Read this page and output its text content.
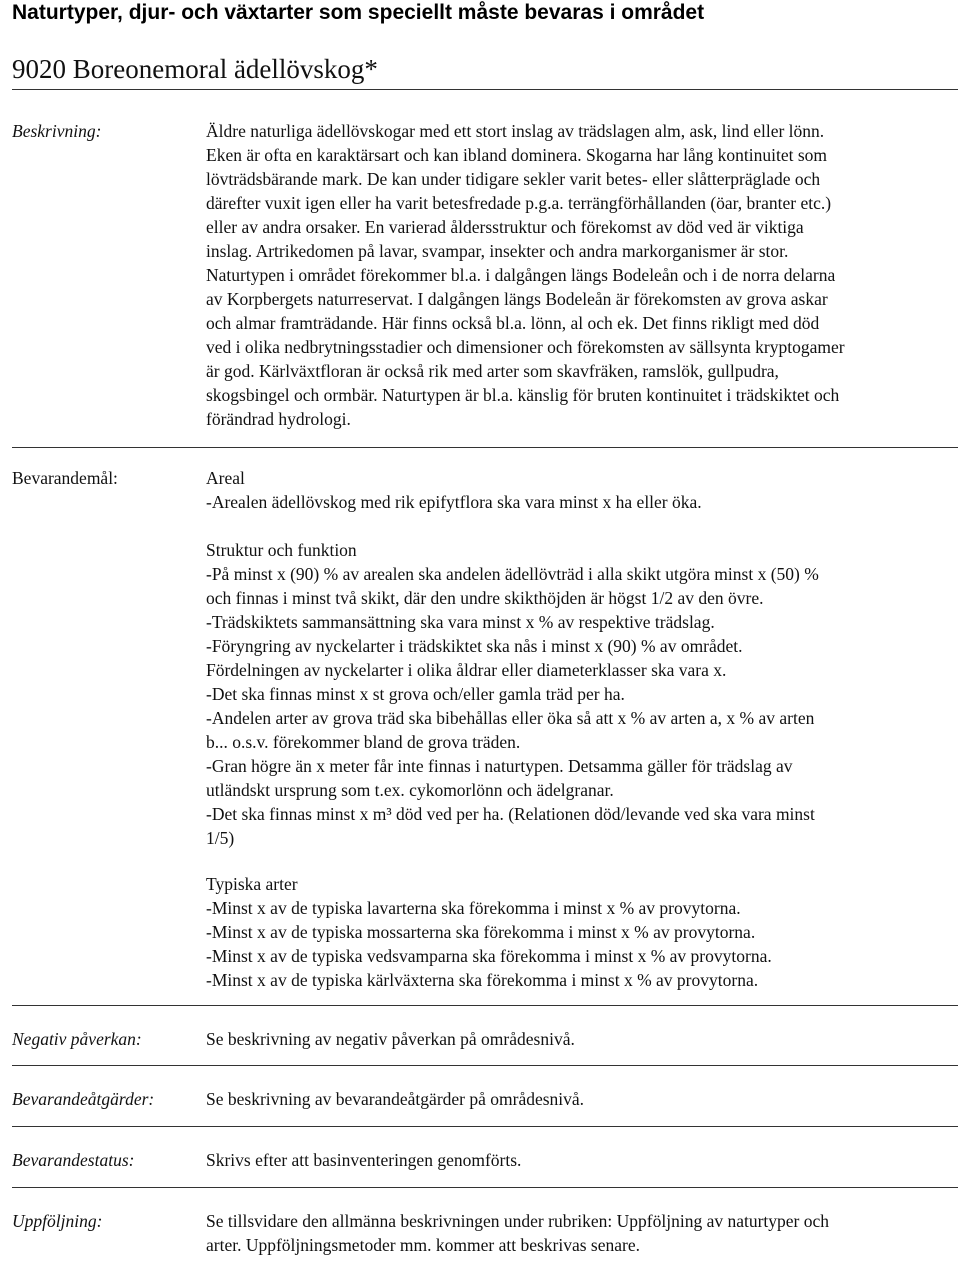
Naturtyper, djur- och växtarter som speciellt måste bevaras i området
9020 Boreonemoral ädellövskog*
Beskrivning:	Äldre naturliga ädellövskogar med ett stort inslag av trädslagen alm, ask, lind eller lönn.
Eken är ofta en karaktärsart och kan ibland dominera. Skogarna har lång kontinuitet som
lövträdsbärande mark. De kan under tidigare sekler varit betes- eller slåtterpräglade och
därefter vuxit igen eller ha varit betesfredade p.g.a. terrängförhållanden (öar, branter etc.)
eller av andra orsaker. En varierad åldersstruktur och förekomst av död ved är viktiga
inslag. Artrikedomen på lavar, svampar, insekter och andra markorganismer är stor.
Naturtypen i området förekommer bl.a. i dalgången längs Bodeleån och i de norra delarna
av Korpbergets naturreservat. I dalgången längs Bodeleån är förekomsten av grova askar
och almar framträdande. Här finns också bl.a. lönn, al och ek. Det finns rikligt med död
ved i olika nedbrytningsstadier och dimensioner och förekomsten av sällsynta kryptogamer
är god. Kärlväxtfloran är också rik med arter som skavfräken, ramslök, gullpudra,
skogsbingel och ormbär. Naturtypen är bl.a. känslig för bruten kontinuitet i trädskiktet och
förändrad hydrologi.
Bevarandemål:	Areal
-Arealen ädellövskog med rik epifytflora ska vara minst x ha eller öka.
Struktur och funktion
-På minst x (90) % av arealen ska andelen ädellövträd i alla skikt utgöra minst x (50) %
och finnas i minst två skikt, där den undre skikthöjden är högst 1/2 av den övre.
-Trädskiktets sammansättning ska vara minst x % av respektive trädslag.
-Föryngring av nyckelarter i trädskiktet ska nås i minst x (90) % av området.
Fördelningen av nyckelarter i olika åldrar eller diameterklasser ska vara x.
-Det ska finnas minst x st grova och/eller gamla träd per ha.
-Andelen arter av grova träd ska bibehållas eller öka så att x % av arten a, x % av arten
b... o.s.v. förekommer bland de grova träden.
-Gran högre än x meter får inte finnas i naturtypen. Detsamma gäller för trädslag av
utländskt ursprung som t.ex. cykomorlönn och ädelgranar.
-Det ska finnas minst x m³ död ved per ha. (Relationen död/levande ved ska vara minst
1/5)
Typiska arter
-Minst x av de typiska lavarterna ska förekomma i minst x % av provytorna.
-Minst x av de typiska mossarterna ska förekomma i minst x % av provytorna.
-Minst x av de typiska vedsvamparna ska förekomma i minst x % av provytorna.
-Minst x av de typiska kärlväxterna ska förekomma i minst x % av provytorna.
Negativ påverkan:	Se beskrivning av negativ påverkan på områdesnivå.
Bevarandeåtgärder:	Se beskrivning av bevarandeåtgärder på områdesnivå.
Bevarandestatus:	Skrivs efter att basinventeringen genomförts.
Uppföljning:	Se tillsvidare den allmänna beskrivningen under rubriken: Uppföljning av naturtyper och
arter. Uppföljningsmetoder mm. kommer att beskrivas senare.
